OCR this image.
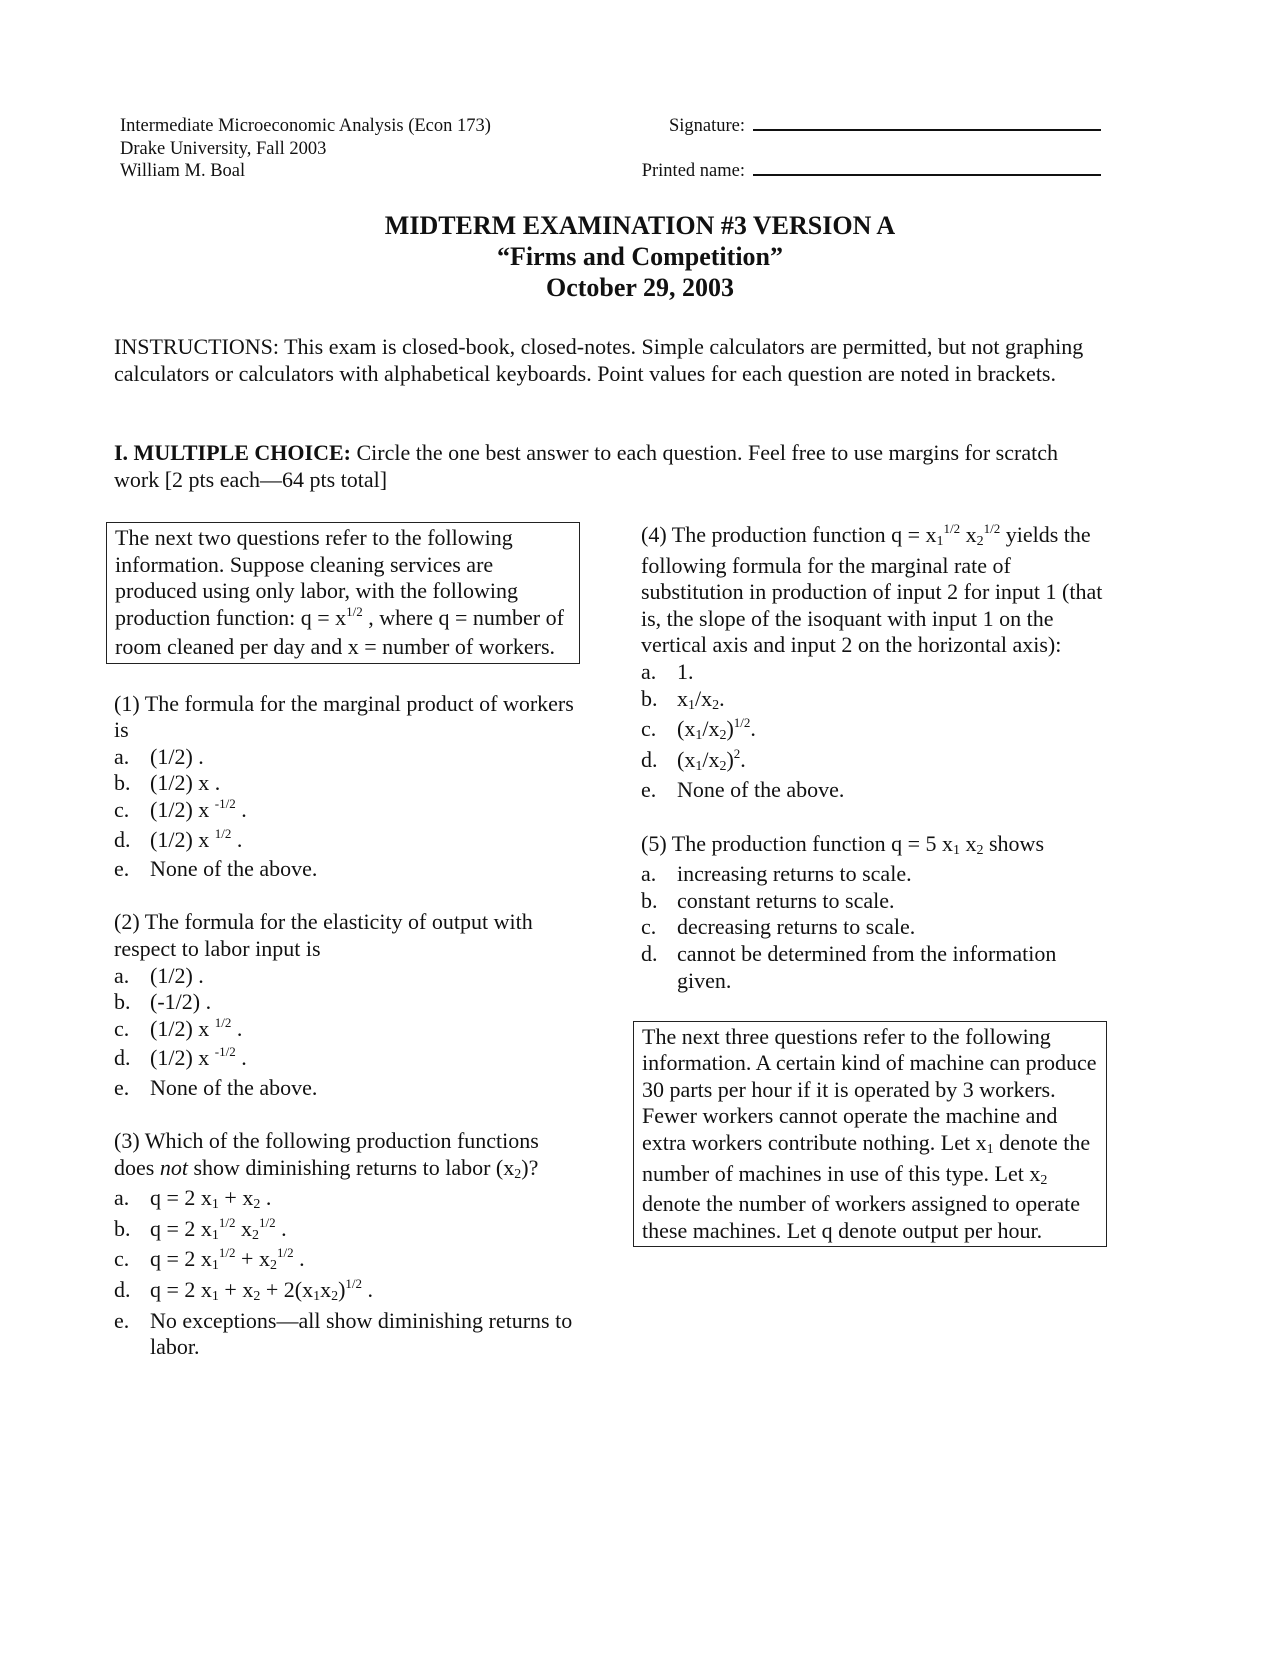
Intermediate Microeconomic Analysis (Econ 173)
Drake University, Fall 2003
William M. Boal
Signature:
Printed name:
MIDTERM EXAMINATION #3 VERSION A
“Firms and Competition”
October 29, 2003
INSTRUCTIONS: This exam is closed-book, closed-notes. Simple calculators are permitted, but not graphing calculators or calculators with alphabetical keyboards. Point values for each question are noted in brackets.
I. MULTIPLE CHOICE: Circle the one best answer to each question. Feel free to use margins for scratch work [2 pts each—64 pts total]
The next two questions refer to the following information. Suppose cleaning services are produced using only labor, with the following production function: $q = x^{1/2}$ , where q = number of room cleaned per day and x = number of workers.
(1) The formula for the marginal product of workers is
a. (1/2) .
b. (1/2) x .
c. (1/2) x $^{-1/2}$ .
d. (1/2) x $^{1/2}$ .
e. None of the above.
(2) The formula for the elasticity of output with respect to labor input is
a. (1/2) .
b. (-1/2) .
c. (1/2) x $^{1/2}$ .
d. (1/2) x $^{-1/2}$ .
e. None of the above.
(3) Which of the following production functions does not show diminishing returns to labor $(x_2)$?
a. q = 2 $x_1 + x_2$ .
b. q = 2 $x_1^{1/2}$ $x_2^{1/2}$ .
c. q = 2 $x_1^{1/2} + x_2^{1/2}$ .
d. q = 2 $x_1 + x_2 + 2(x_1x_2)^{1/2}$ .
e. No exceptions—all show diminishing returns to labor.
(4) The production function $q = x_1^{1/2}$ $x_2^{1/2}$ yields the following formula for the marginal rate of substitution in production of input 2 for input 1 (that is, the slope of the isoquant with input 1 on the vertical axis and input 2 on the horizontal axis):
a. 1.
b. $x_1/x_2$.
c. $(x_1/x_2)^{1/2}$.
d. $(x_1/x_2)^2$.
e. None of the above.
(5) The production function q = 5 $x_1$ $x_2$ shows
a. increasing returns to scale.
b. constant returns to scale.
c. decreasing returns to scale.
d. cannot be determined from the information given.
The next three questions refer to the following information. A certain kind of machine can produce 30 parts per hour if it is operated by 3 workers. Fewer workers cannot operate the machine and extra workers contribute nothing. Let $x_1$ denote the number of machines in use of this type. Let $x_2$ denote the number of workers assigned to operate these machines. Let q denote output per hour.
